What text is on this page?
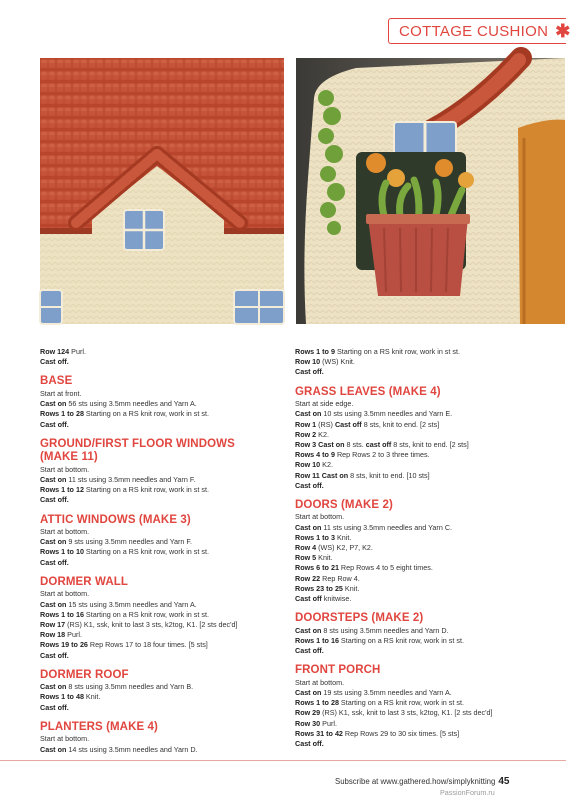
COTTAGE CUSHION ✱
Row 124 Purl.
Cast off.
BASE
Start at front.
Cast on 56 sts using 3.5mm needles and Yarn A.
Rows 1 to 28 Starting on a RS knit row, work in st st.
Cast off.
GROUND/FIRST FLOOR WINDOWS
(MAKE 11)
Start at bottom.
Cast on 11 sts using 3.5mm needles and Yarn F.
Rows 1 to 12 Starting on a RS knit row, work in st st.
Cast off.
ATTIC WINDOWS (MAKE 3)
Start at bottom.
Cast on 9 sts using 3.5mm needles and Yarn F.
Rows 1 to 10 Starting on a RS knit row, work in st st.
Cast off.
DORMER WALL
Start at bottom.
Cast on 15 sts using 3.5mm needles and Yarn A.
Rows 1 to 16 Starting on a RS knit row, work in st st.
Row 17 (RS) K1, ssk, knit to last 3 sts, k2tog, K1. [2 sts dec'd]
Row 18 Purl.
Rows 19 to 26 Rep Rows 17 to 18 four times. [5 sts]
Cast off.
DORMER ROOF
Cast on 8 sts using 3.5mm needles and Yarn B.
Rows 1 to 48 Knit.
Cast off.
PLANTERS (MAKE 4)
Start at bottom.
Cast on 14 sts using 3.5mm needles and Yarn D.
Rows 1 to 9 Starting on a RS knit row, work in st st.
Row 10 (WS) Knit.
Cast off.
GRASS LEAVES (MAKE 4)
Start at side edge.
Cast on 10 sts using 3.5mm needles and Yarn E.
Row 1 (RS) Cast off 8 sts, knit to end. [2 sts]
Row 2 K2.
Row 3 Cast on 8 sts. cast off 8 sts, knit to end. [2 sts]
Rows 4 to 9 Rep Rows 2 to 3 three times.
Row 10 K2.
Row 11 Cast on 8 sts, knit to end. [10 sts]
Cast off.
DOORS (MAKE 2)
Start at bottom.
Cast on 11 sts using 3.5mm needles and Yarn C.
Rows 1 to 3 Knit.
Row 4 (WS) K2, P7, K2.
Row 5 Knit.
Rows 6 to 21 Rep Rows 4 to 5 eight times.
Row 22 Rep Row 4.
Rows 23 to 25 Knit.
Cast off knitwise.
DOORSTEPS (MAKE 2)
Cast on 8 sts using 3.5mm needles and Yarn D.
Rows 1 to 16 Starting on a RS knit row, work in st st.
Cast off.
FRONT PORCH
Start at bottom.
Cast on 19 sts using 3.5mm needles and Yarn A.
Rows 1 to 28 Starting on a RS knit row, work in st st.
Row 29 (RS) K1, ssk, knit to last 3 sts, k2tog, K1. [2 sts dec'd]
Row 30 Purl.
Rows 31 to 42 Rep Rows 29 to 30 six times. [5 sts]
Cast off.
Subscribe at www.gathered.how/simplyknitting 45
PassionForum.ru
